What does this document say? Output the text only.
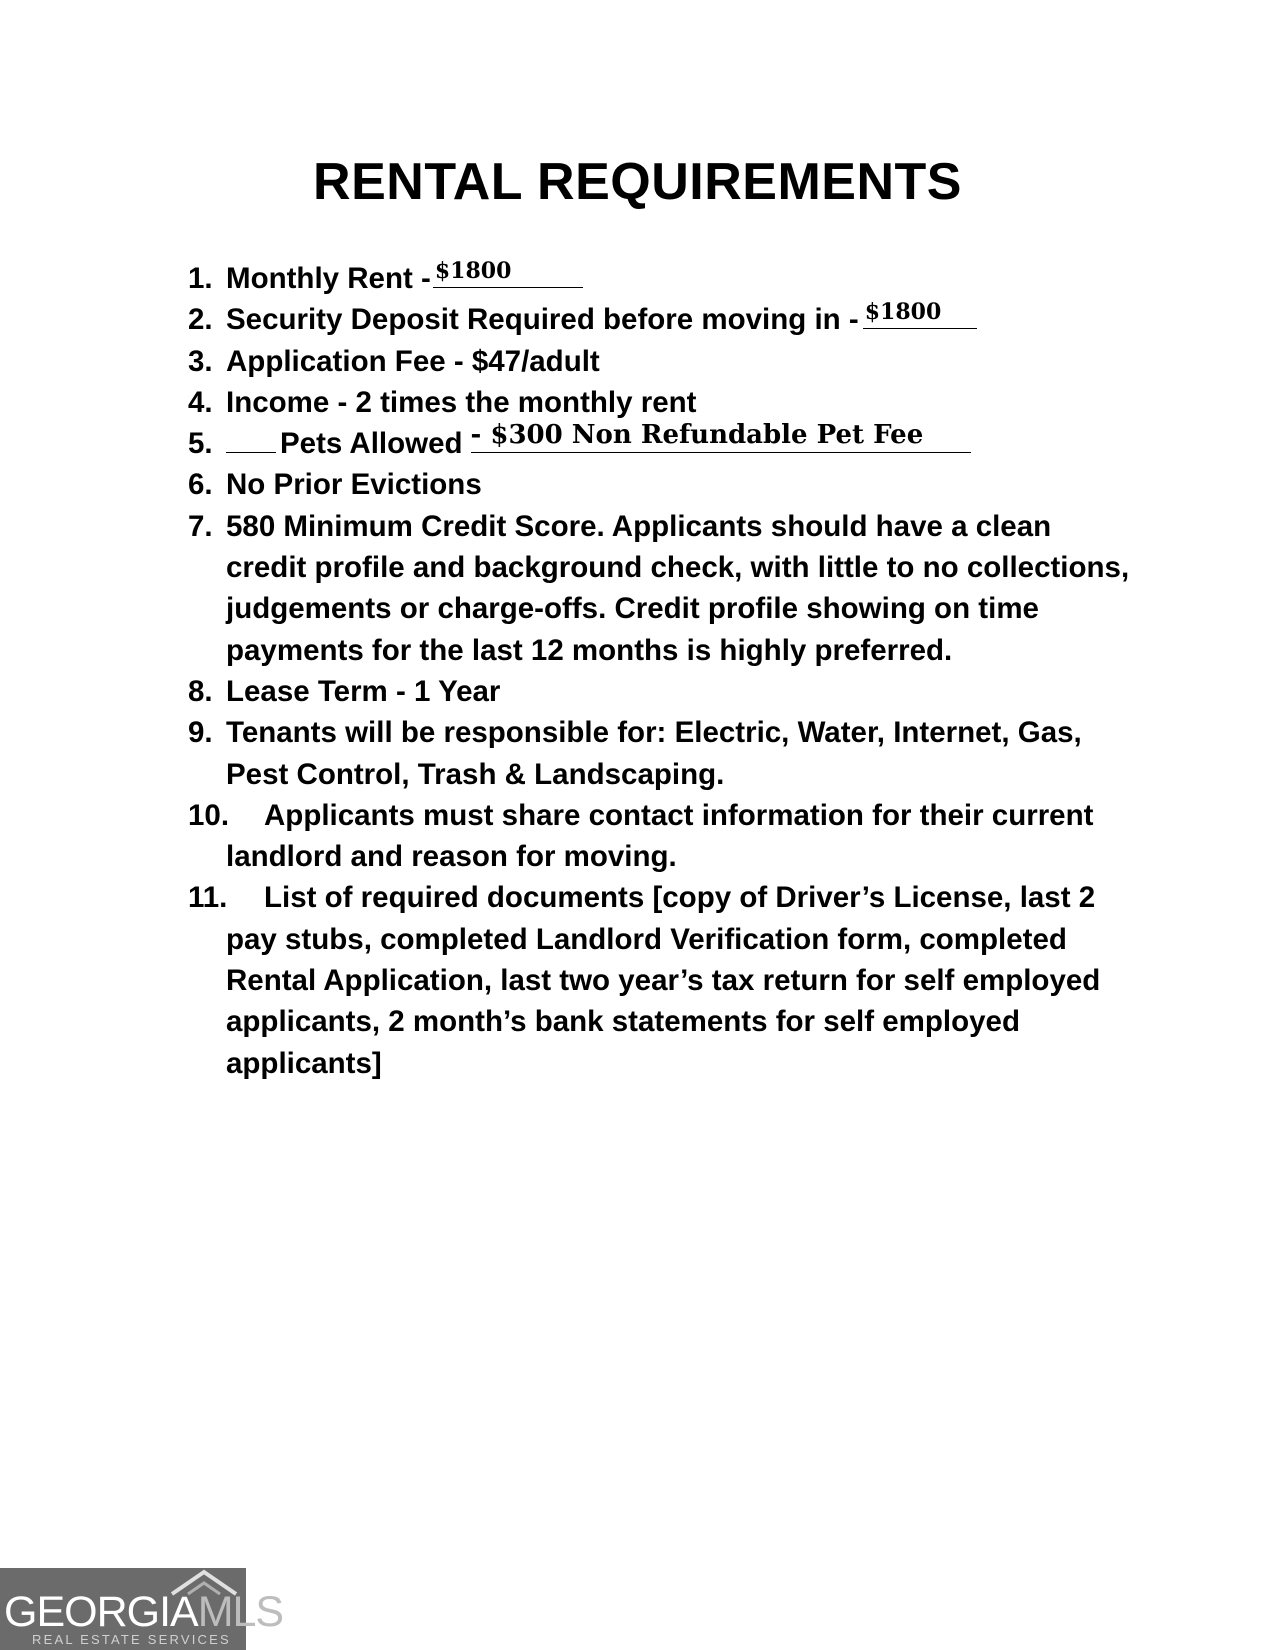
RENTAL REQUIREMENTS
1. Monthly Rent - $1800
2. Security Deposit Required before moving in - $1800
3. Application Fee - $47/adult
4. Income - 2 times the monthly rent
5. Pets Allowed - $300 Non Refundable Pet Fee
6. No Prior Evictions
7. 580 Minimum Credit Score. Applicants should have a clean credit profile and background check, with little to no collections, judgements or charge-offs. Credit profile showing on time payments for the last 12 months is highly preferred.
8. Lease Term - 1 Year
9. Tenants will be responsible for: Electric, Water, Internet, Gas, Pest Control, Trash & Landscaping.
10.	Applicants must share contact information for their current landlord and reason for moving.
11.	List of required documents [copy of Driver’s License, last 2 pay stubs, completed Landlord Verification form, completed Rental Application, last two year’s tax return for self employed applicants, 2 month’s bank statements for self employed applicants]
GEORGIAMLS
REAL ESTATE SERVICES
